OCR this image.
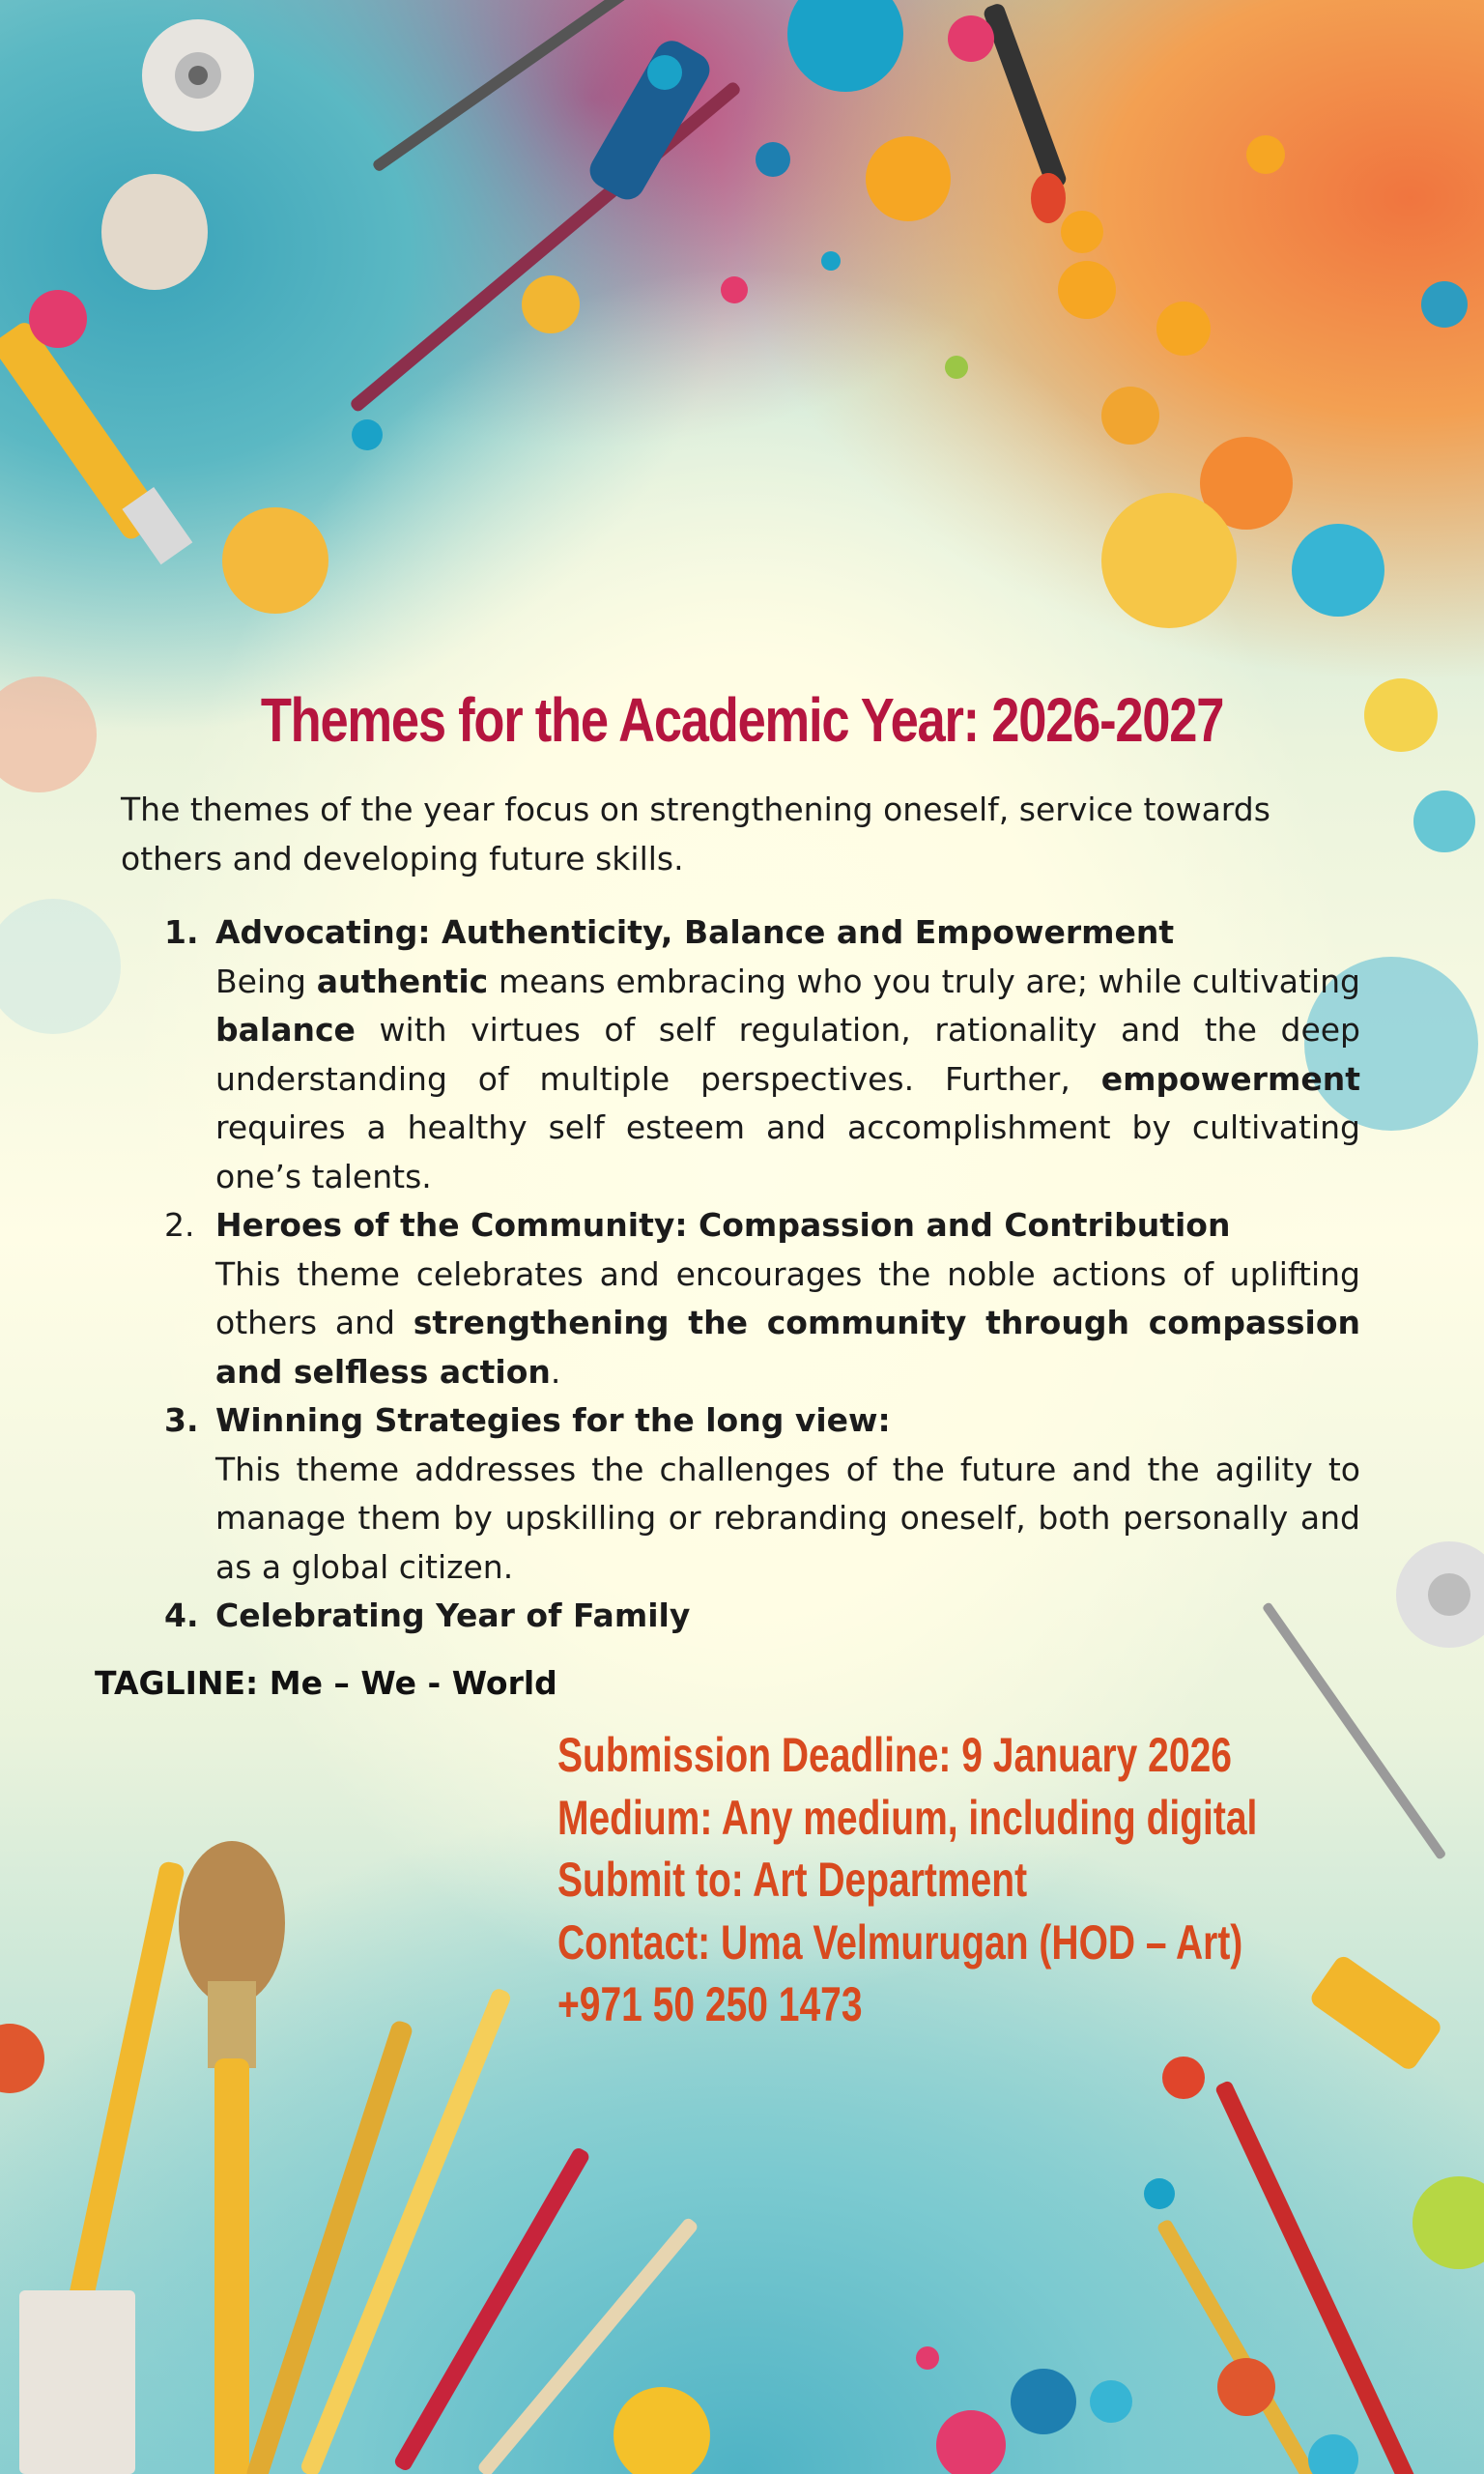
Themes for the Academic Year: 2026-2027
The themes of the year focus on strengthening oneself, service towards others and developing future skills.
1. Advocating: Authenticity, Balance and Empowerment
Being authentic means embracing who you truly are; while cultivating balance with virtues of self regulation, rationality and the deep understanding of multiple perspectives. Further, empowerment requires a healthy self esteem and accomplishment by cultivating one’s talents.
2. Heroes of the Community: Compassion and Contribution
This theme celebrates and encourages the noble actions of uplifting others and strengthening the community through compassion and selfless action.
3. Winning Strategies for the long view:
This theme addresses the challenges of the future and the agility to manage them by upskilling or rebranding oneself, both personally and as a global citizen.
4. Celebrating Year of Family
TAGLINE: Me – We - World
Submission Deadline: 9 January 2026
Medium: Any medium, including digital
Submit to: Art Department
Contact: Uma Velmurugan (HOD – Art)
+971 50 250 1473
